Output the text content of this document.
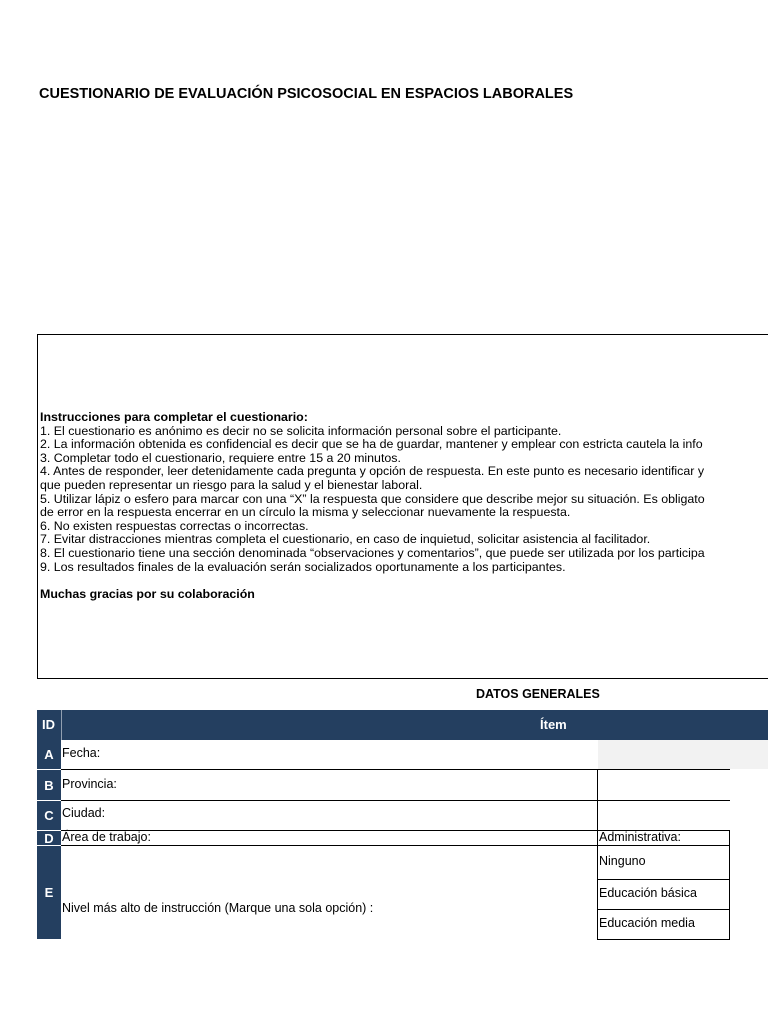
CUESTIONARIO DE EVALUACIÓN PSICOSOCIAL EN ESPACIOS LABORALES
Instrucciones para completar el cuestionario:
1. El cuestionario es anónimo es decir no se solicita información personal sobre el participante.
2. La información obtenida es confidencial es decir que se ha de guardar, mantener y emplear con estricta cautela la info
3. Completar todo el cuestionario, requiere entre 15 a 20 minutos.
4. Antes de responder, leer detenidamente cada pregunta y opción de respuesta. En este punto es necesario identificar y
que pueden representar un riesgo para la salud y el bienestar laboral.
5. Utilizar lápiz o esfero para marcar con una “X” la respuesta que considere que describe mejor su situación. Es obligato
de error en la respuesta encerrar en un círculo la misma y seleccionar nuevamente la respuesta.
6. No existen respuestas correctas o incorrectas.
7. Evitar distracciones mientras completa el cuestionario, en caso de inquietud, solicitar asistencia al facilitador.
8. El cuestionario tiene una sección denominada “observaciones y comentarios”, que puede ser utilizada por los participa
9. Los resultados finales de la evaluación serán socializados oportunamente a los participantes.
Muchas gracias por su colaboración
DATOS GENERALES
ID	Ítem
A
B
C
D
E
Fecha:
Provincia:
Ciudad:
Área de trabajo:
Nivel más alto de instrucción (Marque una sola opción) :
Administrativa:
Ninguno
Educación básica
Educación media
